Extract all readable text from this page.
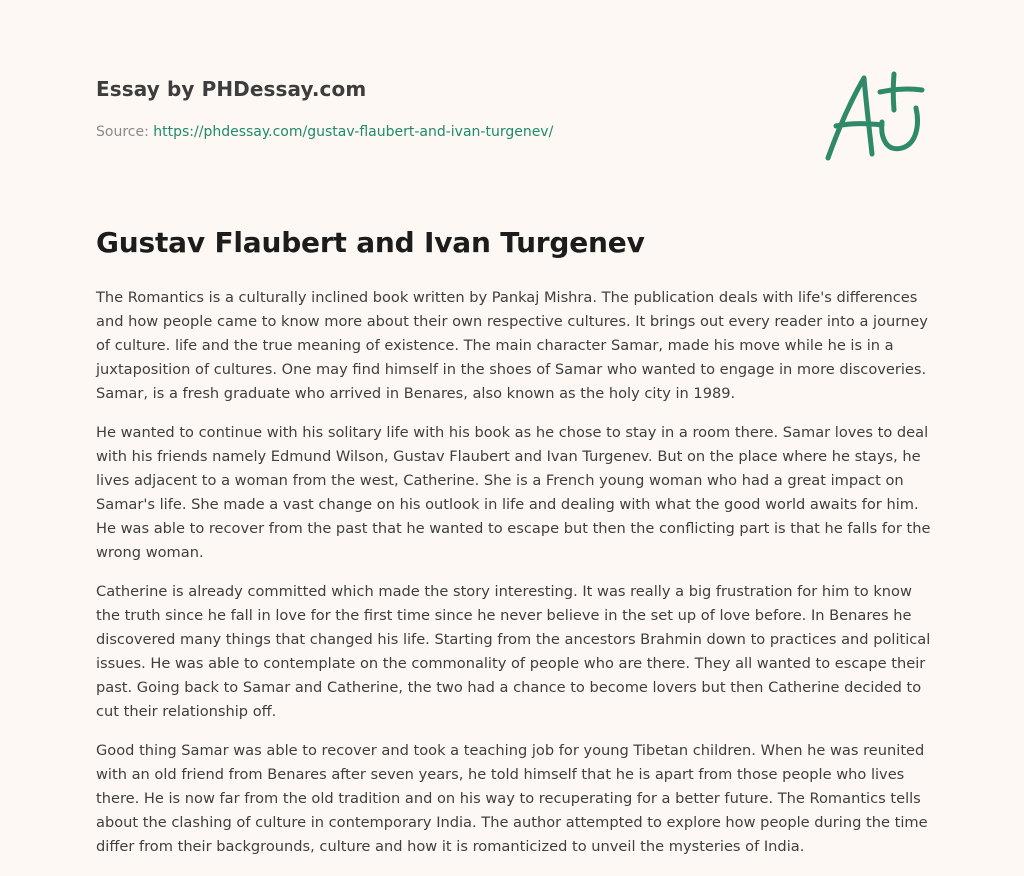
Essay by PHDessay.com
Source: https://phdessay.com/gustav-flaubert-and-ivan-turgenev/
Gustav Flaubert and Ivan Turgenev

The Romantics is a culturally inclined book written by Pankaj Mishra. The publication deals with life's differences and how people came to know more about their own respective cultures. It brings out every reader into a journey of culture. life and the true meaning of existence. The main character Samar, made his move while he is in a juxtaposition of cultures. One may find himself in the shoes of Samar who wanted to engage in more discoveries. Samar, is a fresh graduate who arrived in Benares, also known as the holy city in 1989.

He wanted to continue with his solitary life with his book as he chose to stay in a room there. Samar loves to deal with his friends namely Edmund Wilson, Gustav Flaubert and Ivan Turgenev. But on the place where he stays, he lives adjacent to a woman from the west, Catherine. She is a French young woman who had a great impact on Samar's life. She made a vast change on his outlook in life and dealing with what the good world awaits for him. He was able to recover from the past that he wanted to escape but then the conflicting part is that he falls for the wrong woman.

Catherine is already committed which made the story interesting. It was really a big frustration for him to know the truth since he fall in love for the first time since he never believe in the set up of love before. In Benares he discovered many things that changed his life. Starting from the ancestors Brahmin down to practices and political issues. He was able to contemplate on the commonality of people who are there. They all wanted to escape their past. Going back to Samar and Catherine, the two had a chance to become lovers but then Catherine decided to cut their relationship off.

Good thing Samar was able to recover and took a teaching job for young Tibetan children. When he was reunited with an old friend from Benares after seven years, he told himself that he is apart from those people who lives there. He is now far from the old tradition and on his way to recuperating for a better future. The Romantics tells about the clashing of culture in contemporary India. The author attempted to explore how people during the time differ from their backgrounds, culture and how it is romanticized to unveil the mysteries of India.
